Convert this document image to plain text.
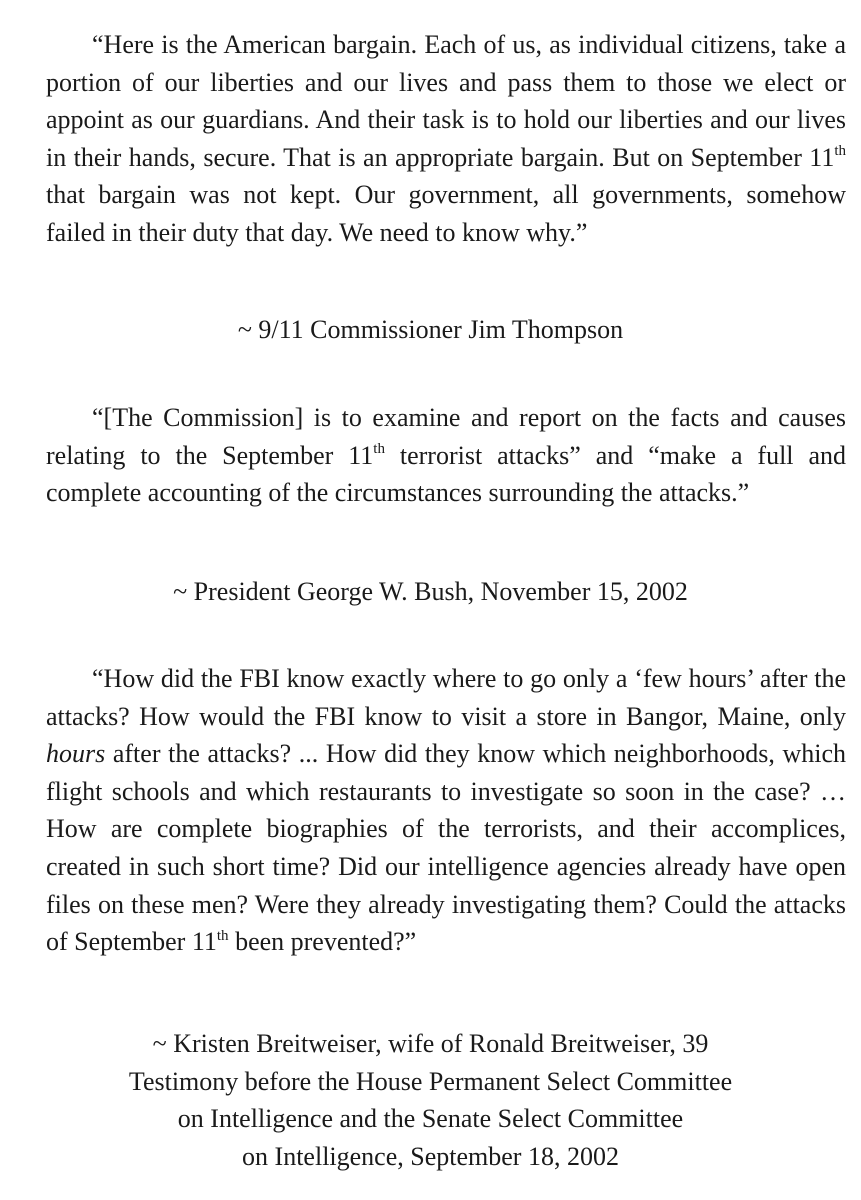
“Here is the American bargain. Each of us, as individual citizens, take a portion of our liberties and our lives and pass them to those we elect or appoint as our guardians. And their task is to hold our liberties and our lives in their hands, secure. That is an appropriate bargain. But on September 11th that bargain was not kept. Our government, all governments, somehow failed in their duty that day. We need to know why.”

~ 9/11 Commissioner Jim Thompson

“[The Commission] is to examine and report on the facts and causes relating to the September 11th terrorist attacks” and “make a full and complete accounting of the circumstances surrounding the attacks.”

~ President George W. Bush, November 15, 2002

“How did the FBI know exactly where to go only a ‘few hours’ after the attacks? How would the FBI know to visit a store in Bangor, Maine, only hours after the attacks? ... How did they know which neighborhoods, which flight schools and which restaurants to investigate so soon in the case? … How are complete biographies of the terrorists, and their accomplices, created in such short time? Did our intelligence agencies already have open files on these men? Were they already investigating them? Could the attacks of September 11th been prevented?”

~ Kristen Breitweiser, wife of Ronald Breitweiser, 39
Testimony before the House Permanent Select Committee
on Intelligence and the Senate Select Committee
on Intelligence, September 18, 2002
